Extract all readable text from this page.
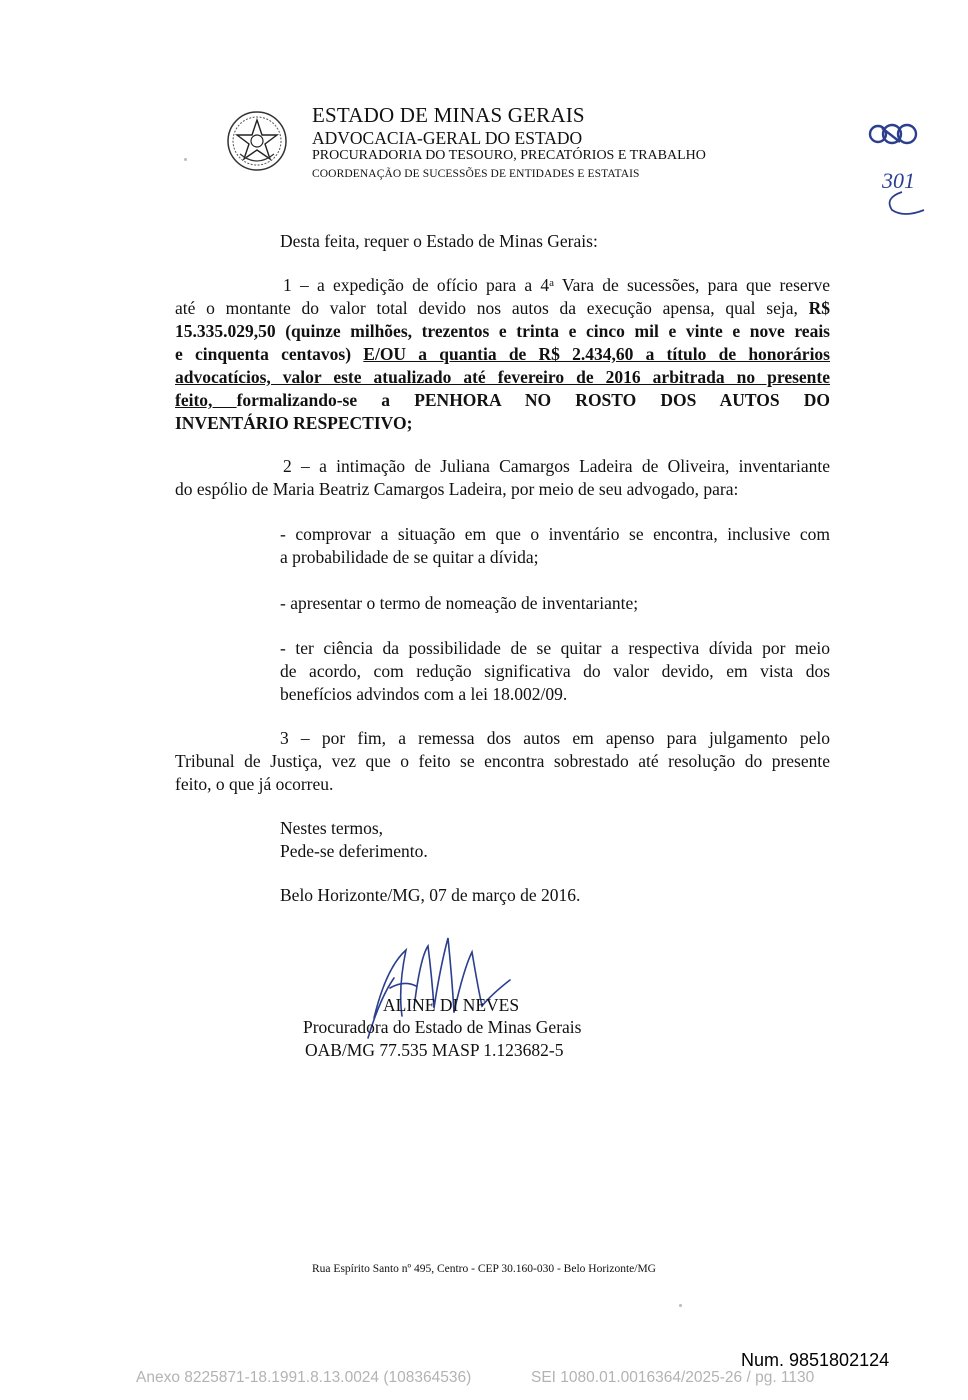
ESTADO DE MINAS GERAIS
ADVOCACIA-GERAL DO ESTADO
PROCURADORIA DO TESOURO, PRECATÓRIOS E TRABALHO
COORDENAÇÃO DE SUCESSÕES DE ENTIDADES E ESTATAIS	301
Desta feita, requer o Estado de Minas Gerais:
1 – a expedição de ofício para a 4$^a$ Vara de sucessões, para que reserve
até o montante do valor total devido nos autos da execução apensa, qual seja, R$
15.335.029,50 (quinze milhões, trezentos e trinta e cinco mil e vinte e nove reais
e cinquenta centavos) E/OU a quantia de R$ 2.434,60 a título de honorários
advocatícios, valor este atualizado até fevereiro de 2016 arbitrada no presente
feito, formalizando-se a PENHORA NO ROSTO DOS AUTOS DO
INVENTÁRIO RESPECTIVO;
2 – a intimação de Juliana Camargos Ladeira de Oliveira, inventariante
do espólio de Maria Beatriz Camargos Ladeira, por meio de seu advogado, para:
- comprovar a situação em que o inventário se encontra, inclusive com
a probabilidade de se quitar a dívida;
- apresentar o termo de nomeação de inventariante;
- ter ciência da possibilidade de se quitar a respectiva dívida por meio
de acordo, com redução significativa do valor devido, em vista dos
benefícios advindos com a lei 18.002/09.
3 – por fim, a remessa dos autos em apenso para julgamento pelo
Tribunal de Justiça, vez que o feito se encontra sobrestado até resolução do presente
feito, o que já ocorreu.
Nestes termos,
Pede-se deferimento.
Belo Horizonte/MG, 07 de março de 2016.
ALINE DI NEVES
Procuradora do Estado de Minas Gerais
OAB/MG 77.535 MASP 1.123682-5
Rua Espírito Santo nº 495, Centro - CEP 30.160-030 - Belo Horizonte/MG
Num. 9851802124
Anexo 8225871-18.1991.8.13.0024 (108364536)	SEI 1080.01.0016364/2025-26 / pg. 1130
